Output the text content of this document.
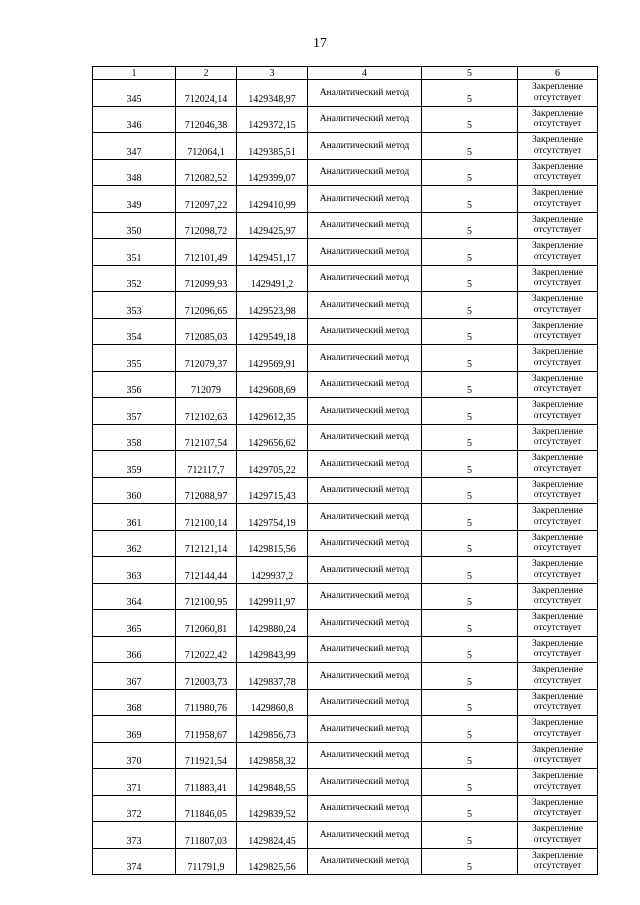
17
1	2	3	4	5	6
345	712024,14	1429348,97	Аналитический метод	5	Закрепление отсутствует
346	712046,38	1429372,15	Аналитический метод	5	Закрепление отсутствует
347	712064,1	1429385,51	Аналитический метод	5	Закрепление отсутствует
348	712082,52	1429399,07	Аналитический метод	5	Закрепление отсутствует
349	712097,22	1429410,99	Аналитический метод	5	Закрепление отсутствует
350	712098,72	1429425,97	Аналитический метод	5	Закрепление отсутствует
351	712101,49	1429451,17	Аналитический метод	5	Закрепление отсутствует
352	712099,93	1429491,2	Аналитический метод	5	Закрепление отсутствует
353	712096,65	1429523,98	Аналитический метод	5	Закрепление отсутствует
354	712085,03	1429549,18	Аналитический метод	5	Закрепление отсутствует
355	712079,37	1429569,91	Аналитический метод	5	Закрепление отсутствует
356	712079	1429608,69	Аналитический метод	5	Закрепление отсутствует
357	712102,63	1429612,35	Аналитический метод	5	Закрепление отсутствует
358	712107,54	1429656,62	Аналитический метод	5	Закрепление отсутствует
359	712117,7	1429705,22	Аналитический метод	5	Закрепление отсутствует
360	712088,97	1429715,43	Аналитический метод	5	Закрепление отсутствует
361	712100,14	1429754,19	Аналитический метод	5	Закрепление отсутствует
362	712121,14	1429815,56	Аналитический метод	5	Закрепление отсутствует
363	712144,44	1429937,2	Аналитический метод	5	Закрепление отсутствует
364	712100,95	1429911,97	Аналитический метод	5	Закрепление отсутствует
365	712060,81	1429880,24	Аналитический метод	5	Закрепление отсутствует
366	712022,42	1429843,99	Аналитический метод	5	Закрепление отсутствует
367	712003,73	1429837,78	Аналитический метод	5	Закрепление отсутствует
368	711980,76	1429860,8	Аналитический метод	5	Закрепление отсутствует
369	711958,67	1429856,73	Аналитический метод	5	Закрепление отсутствует
370	711921,54	1429858,32	Аналитический метод	5	Закрепление отсутствует
371	711883,41	1429848,55	Аналитический метод	5	Закрепление отсутствует
372	711846,05	1429839,52	Аналитический метод	5	Закрепление отсутствует
373	711807,03	1429824,45	Аналитический метод	5	Закрепление отсутствует
374	711791,9	1429825,56	Аналитический метод	5	Закрепление отсутствует
